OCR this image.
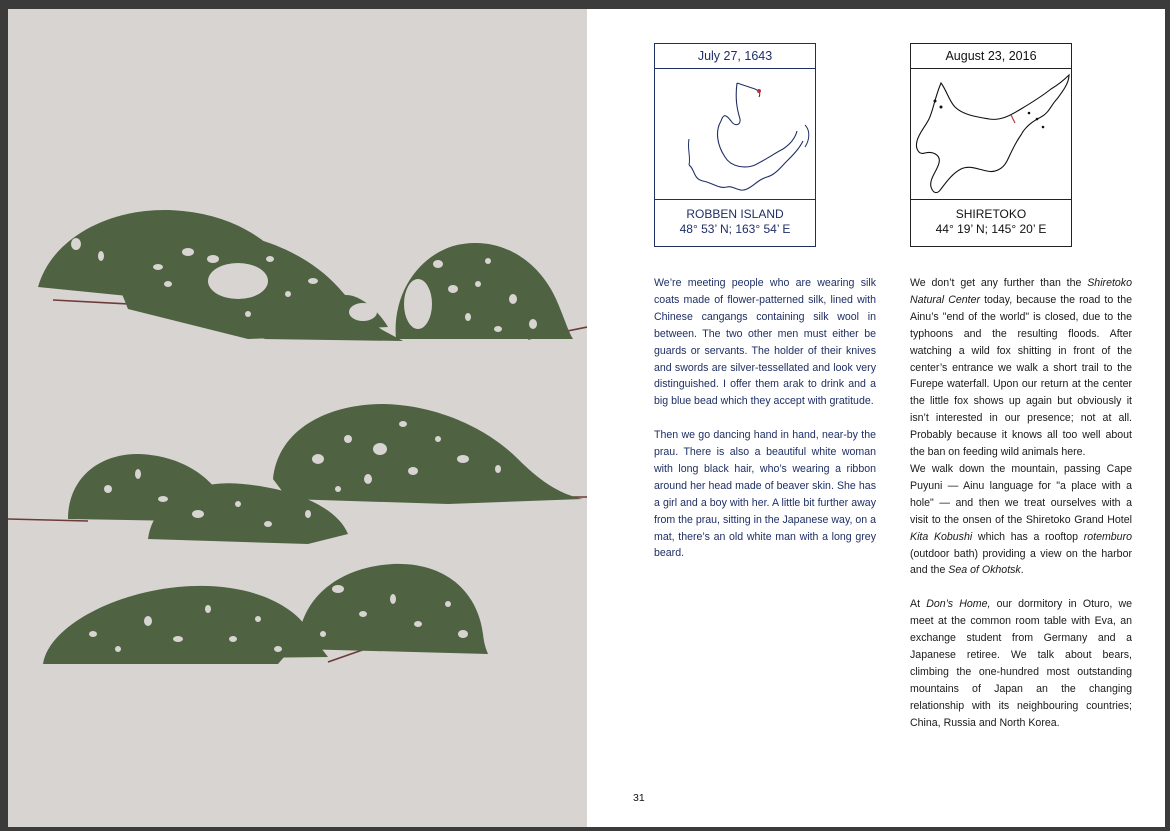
July 27, 1643
ROBBEN ISLAND
48° 53’ N; 163° 54’ E
August 23, 2016
SHIRETOKO
44° 19’ N; 145° 20’ E

We’re meeting people who are wearing silk coats made of flower-patterned silk, lined with Chinese cangangs containing silk wool in between. The two other men must either be guards or servants. The holder of their knives and swords are silver-tessellated and look very distinguished. I offer them arak to drink and a big blue bead which they accept with gratitude.

Then we go dancing hand in hand, near-by the prau. There is also a beautiful white woman with long black hair, who’s wearing a ribbon around her head made of beaver skin. She has a girl and a boy with her. A little bit further away from the prau, sitting in the Japanese way, on a mat, there’s an old white man with a long grey beard.

We don’t get any further than the Shiretoko Natural Center today, because the road to the Ainu’s "end of the world" is closed, due to the typhoons and the resulting floods. After watching a wild fox shitting in front of the center’s entrance we walk a short trail to the Furepe waterfall. Upon our return at the center the little fox shows up again but obviously it isn’t interested in our presence; not at all. Probably because it knows all too well about the ban on feeding wild animals here.

We walk down the mountain, passing Cape Puyuni — Ainu language for "a place with a hole" — and then we treat ourselves with a visit to the onsen of the Shiretoko Grand Hotel Kita Kobushi which has a rooftop rotemburo (outdoor bath) providing a view on the harbor and the Sea of Okhotsk.

At Don’s Home, our dormitory in Oturo, we meet at the common room table with Eva, an exchange student from Germany and a Japanese retiree. We talk about bears, climbing the one-hundred most outstanding mountains of Japan an the changing relationship with its neighbouring countries; China, Russia and North Korea.

31
